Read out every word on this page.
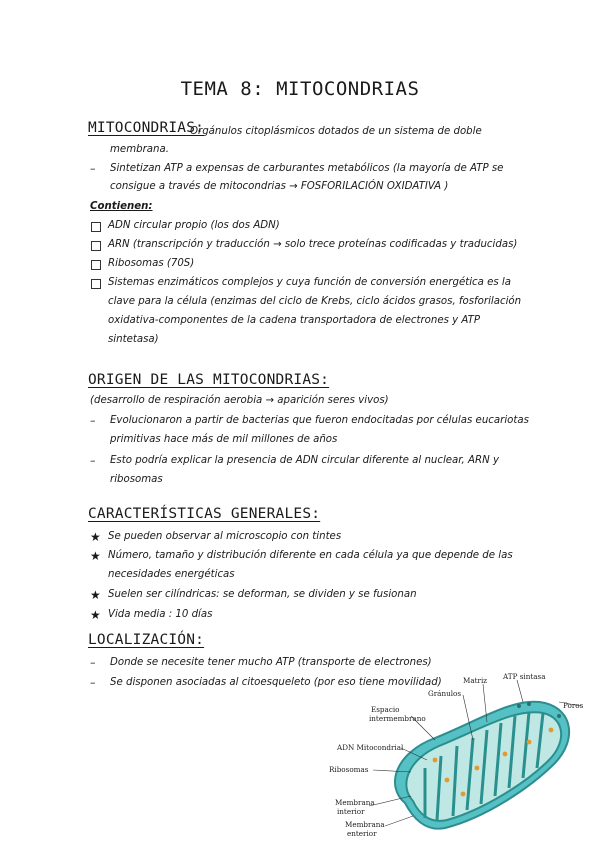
TEMA 8: MITOCONDRIAS
MITOCONDRIAS:
Orgánulos citoplásmicos dotados de un sistema de doble
membrana.
– Sintetizan ATP a expensas de carburantes metabólicos (la mayoría de ATP se
consigue a través de mitocondrias → FOSFORILACIÓN OXIDATIVA )
Contienen:
ADN circular propio (los dos ADN)
ARN (transcripción y traducción → solo trece proteínas codificadas y traducidas)
Ribosomas (70S)
Sistemas enzimáticos complejos y cuya función de conversión energética es la
clave para la célula (enzimas del ciclo de Krebs, ciclo ácidos grasos, fosforilación
oxidativa-componentes de la cadena transportadora de electrones y ATP
sintetasa)
ORIGEN DE LAS MITOCONDRIAS:
(desarrollo de respiración aerobia → aparición seres vivos)
– Evolucionaron a partir de bacterias que fueron endocitadas por células eucariotas
primitivas hace más de mil millones de años
– Esto podría explicar la presencia de ADN circular diferente al nuclear, ARN y
ribosomas
CARACTERÍSTICAS GENERALES:
★ Se pueden observar al microscopio con tintes
★ Número, tamaño y distribución diferente en cada célula ya que depende de las
necesidades energéticas
★ Suelen ser cilíndricas: se deforman, se dividen y se fusionan
★ Vida media : 10 días
LOCALIZACIÓN:
– Donde se necesite tener mucho ATP (transporte de electrones)
– Se disponen asociadas al citoesqueleto (por eso tiene movilidad)	Matriz ATP sintasa
Gránulos
Poros
Espacio
intermembrano
ADN Mitocondrial
Ribosomas
Membrana
interior
Membrana
enterior
